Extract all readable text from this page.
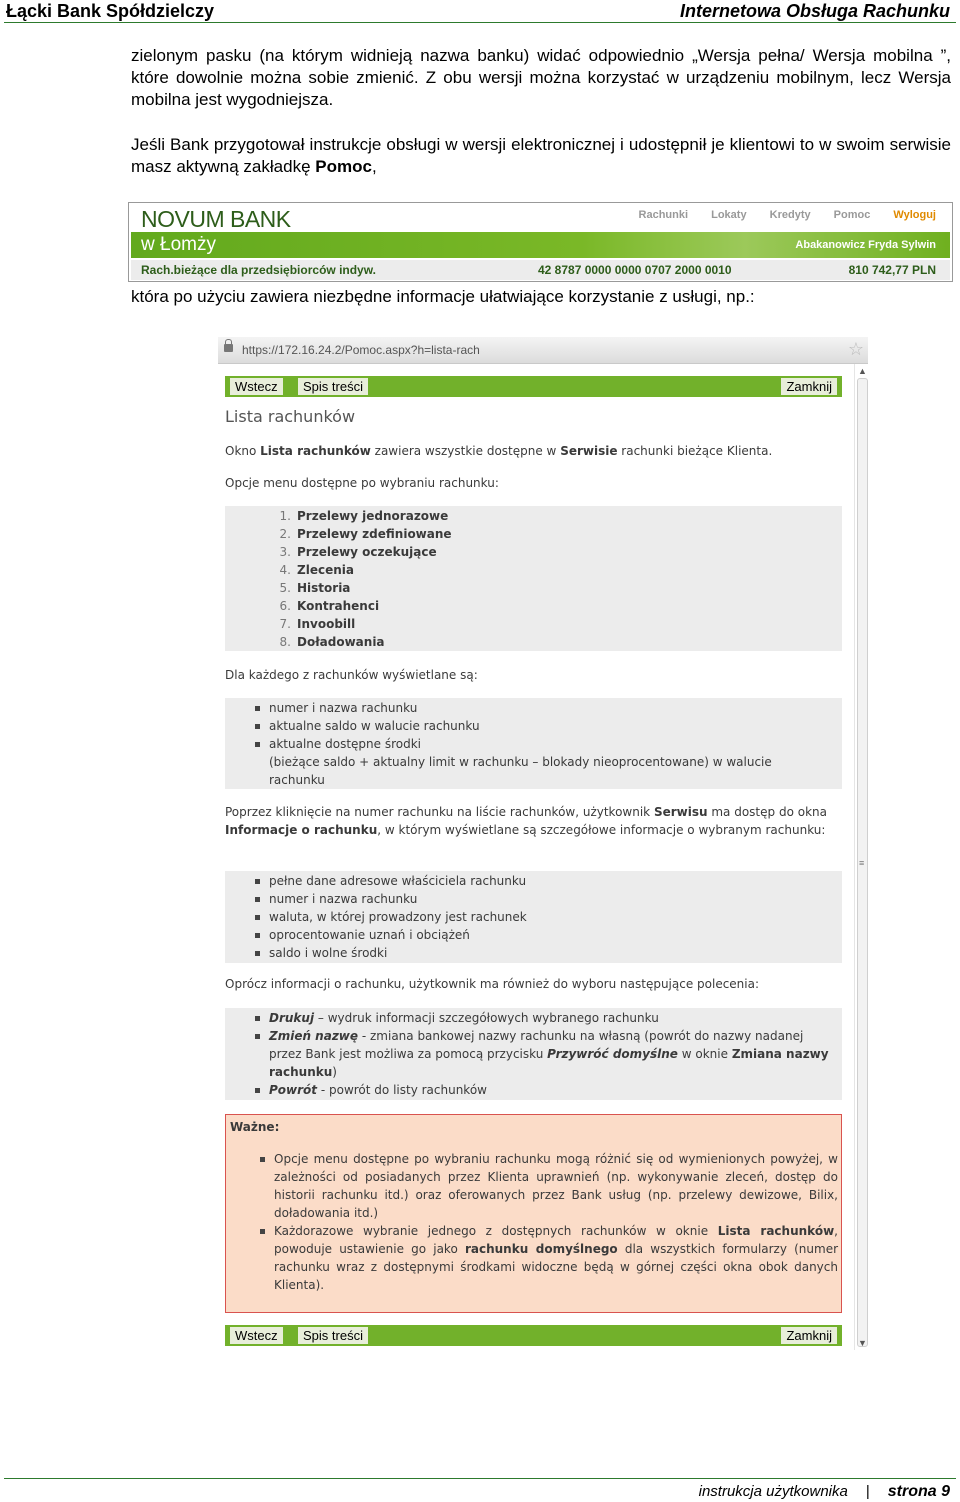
Łącki Bank Spółdzielczy	Internetowa Obsługa Rachunku
zielonym pasku (na którym widnieją nazwa banku) widać odpowiednio „Wersja pełna/ Wersja mobilna ”, które dowolnie można sobie zmienić. Z obu wersji można korzystać w urządzeniu mobilnym, lecz Wersja mobilna jest wygodniejsza.
Jeśli Bank przygotował instrukcje obsługi w wersji elektronicznej i udostępnił je klientowi to w swoim serwisie masz aktywną zakładkę Pomoc,
NOVUM BANK	Rachunki Lokaty Kredyty Pomoc Wyloguj
w Łomży	Abakanowicz Fryda Sylwin
Rach.bieżące dla przedsiębiorców indyw.	42 8787 0000 0000 0707 2000 0010	810 742,77 PLN
która po użyciu zawiera niezbędne informacje ułatwiające korzystanie z usługi, np.:
https://172.16.24.2/Pomoc.aspx?h=lista-rach	☆
▲
≡
▼
Wstecz	Spis treści	Zamknij
Lista rachunków
Okno Lista rachunków zawiera wszystkie dostępne w Serwisie rachunki bieżące Klienta.
Opcje menu dostępne po wybraniu rachunku:
1. Przelewy jednorazowe
2. Przelewy zdefiniowane
3. Przelewy oczekujące
4. Zlecenia
5. Historia
6. Kontrahenci
7. Invoobill
8. Doładowania
Dla każdego z rachunków wyświetlane są:
numer i nazwa rachunku
aktualne saldo w walucie rachunku
aktualne dostępne środki
(bieżące saldo + aktualny limit w rachunku – blokady nieoprocentowane) w walucie rachunku
Poprzez kliknięcie na numer rachunku na liście rachunków, użytkownik Serwisu ma dostęp do okna Informacje o rachunku, w którym wyświetlane są szczegółowe informacje o wybranym rachunku:
pełne dane adresowe właściciela rachunku
numer i nazwa rachunku
waluta, w której prowadzony jest rachunek
oprocentowanie uznań i obciążeń
saldo i wolne środki
Oprócz informacji o rachunku, użytkownik ma również do wyboru następujące polecenia:
Drukuj – wydruk informacji szczegółowych wybranego rachunku
Zmień nazwę - zmiana bankowej nazwy rachunku na własną (powrót do nazwy nadanej przez Bank jest możliwa za pomocą przycisku Przywróć domyślne w oknie Zmiana nazwy rachunku)
Powrót - powrót do listy rachunków
Ważne:
Opcje menu dostępne po wybraniu rachunku mogą różnić się od wymienionych powyżej, w zależności od posiadanych przez Klienta uprawnień (np. wykonywanie zleceń, dostęp do historii rachunku itd.) oraz oferowanych przez Bank usług (np. przelewy dewizowe, Bilix, doładowania itd.)
Każdorazowe wybranie jednego z dostępnych rachunków w oknie Lista rachunków, powoduje ustawienie go jako rachunku domyślnego dla wszystkich formularzy (numer rachunku wraz z dostępnymi środkami widoczne będą w górnej części okna obok danych Klienta).
Wstecz	Spis treści	Zamknij
instrukcja użytkownika | strona 9
